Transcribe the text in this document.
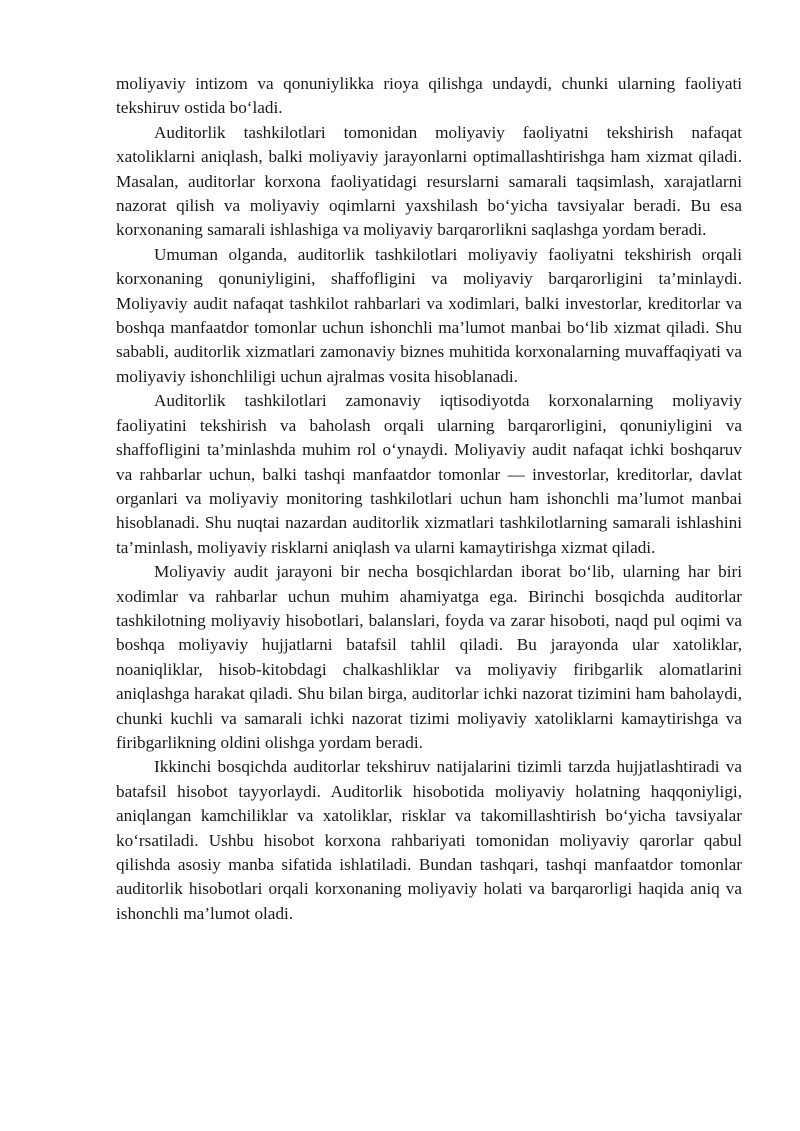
moliyaviy intizom va qonuniylikka rioya qilishga undaydi, chunki ularning faoliyati tekshiruv ostida bo‘ladi.

Auditorlik tashkilotlari tomonidan moliyaviy faoliyatni tekshirish nafaqat xatoliklarni aniqlash, balki moliyaviy jarayonlarni optimallashtirishga ham xizmat qiladi. Masalan, auditorlar korxona faoliyatidagi resurslarni samarali taqsimlash, xarajatlarni nazorat qilish va moliyaviy oqimlarni yaxshilash bo‘yicha tavsiyalar beradi. Bu esa korxonaning samarali ishlashiga va moliyaviy barqarorlikni saqlashga yordam beradi.

Umuman olganda, auditorlik tashkilotlari moliyaviy faoliyatni tekshirish orqali korxonaning qonuniyligini, shaffofligini va moliyaviy barqarorligini ta’minlaydi. Moliyaviy audit nafaqat tashkilot rahbarlari va xodimlari, balki investorlar, kreditorlar va boshqa manfaatdor tomonlar uchun ishonchli ma’lumot manbai bo‘lib xizmat qiladi. Shu sababli, auditorlik xizmatlari zamonaviy biznes muhitida korxonalarning muvaffaqiyati va moliyaviy ishonchliligi uchun ajralmas vosita hisoblanadi.

Auditorlik tashkilotlari zamonaviy iqtisodiyotda korxonalarning moliyaviy faoliyatini tekshirish va baholash orqali ularning barqarorligini, qonuniyligini va shaffofligini ta’minlashda muhim rol o‘ynaydi. Moliyaviy audit nafaqat ichki boshqaruv va rahbarlar uchun, balki tashqi manfaatdor tomonlar — investorlar, kreditorlar, davlat organlari va moliyaviy monitoring tashkilotlari uchun ham ishonchli ma’lumot manbai hisoblanadi. Shu nuqtai nazardan auditorlik xizmatlari tashkilotlarning samarali ishlashini ta’minlash, moliyaviy risklarni aniqlash va ularni kamaytirishga xizmat qiladi.

Moliyaviy audit jarayoni bir necha bosqichlardan iborat bo‘lib, ularning har biri xodimlar va rahbarlar uchun muhim ahamiyatga ega. Birinchi bosqichda auditorlar tashkilotning moliyaviy hisobotlari, balanslari, foyda va zarar hisoboti, naqd pul oqimi va boshqa moliyaviy hujjatlarni batafsil tahlil qiladi. Bu jarayonda ular xatoliklar, noaniqliklar, hisob-kitobdagi chalkashliklar va moliyaviy firibgarlik alomatlarini aniqlashga harakat qiladi. Shu bilan birga, auditorlar ichki nazorat tizimini ham baholaydi, chunki kuchli va samarali ichki nazorat tizimi moliyaviy xatoliklarni kamaytirishga va firibgarlikning oldini olishga yordam beradi.

Ikkinchi bosqichda auditorlar tekshiruv natijalarini tizimli tarzda hujjatlashtiradi va batafsil hisobot tayyorlaydi. Auditorlik hisobotida moliyaviy holatning haqqoniyligi, aniqlangan kamchiliklar va xatoliklar, risklar va takomillashtirish bo‘yicha tavsiyalar ko‘rsatiladi. Ushbu hisobot korxona rahbariyati tomonidan moliyaviy qarorlar qabul qilishda asosiy manba sifatida ishlatiladi. Bundan tashqari, tashqi manfaatdor tomonlar auditorlik hisobotlari orqali korxonaning moliyaviy holati va barqarorligi haqida aniq va ishonchli ma’lumot oladi.
